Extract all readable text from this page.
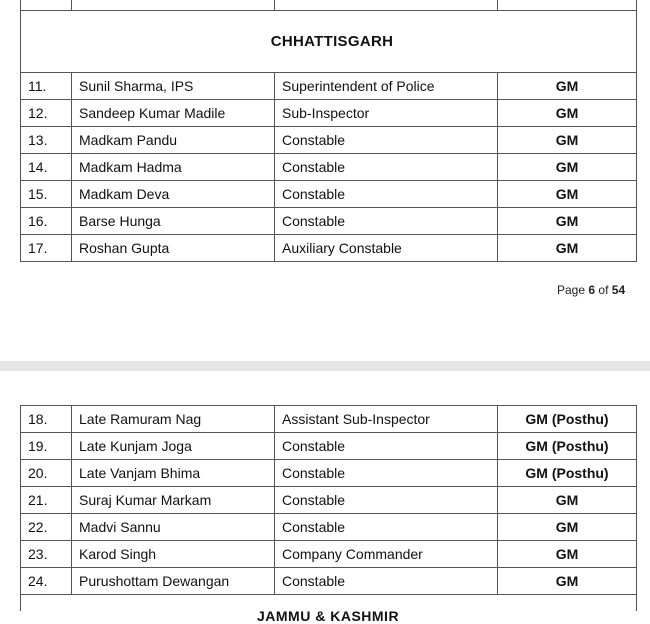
CHHATTISGARH			
11.	Sunil Sharma, IPS	Superintendent of Police	GM
12.	Sandeep Kumar Madile	Sub-Inspector	GM
13.	Madkam Pandu	Constable	GM
14.	Madkam Hadma	Constable	GM
15.	Madkam Deva	Constable	GM
16.	Barse Hunga	Constable	GM
17.	Roshan Gupta	Auxiliary Constable	GM
Page 6 of 54
18.	Late Ramuram Nag	Assistant Sub-Inspector	GM (Posthu)
19.	Late Kunjam Joga	Constable	GM (Posthu)
20.	Late Vanjam Bhima	Constable	GM (Posthu)
21.	Suraj Kumar Markam	Constable	GM
22.	Madvi Sannu	Constable	GM
23.	Karod Singh	Company Commander	GM
24.	Purushottam Dewangan	Constable	GM

JAMMU & KASHMIR
